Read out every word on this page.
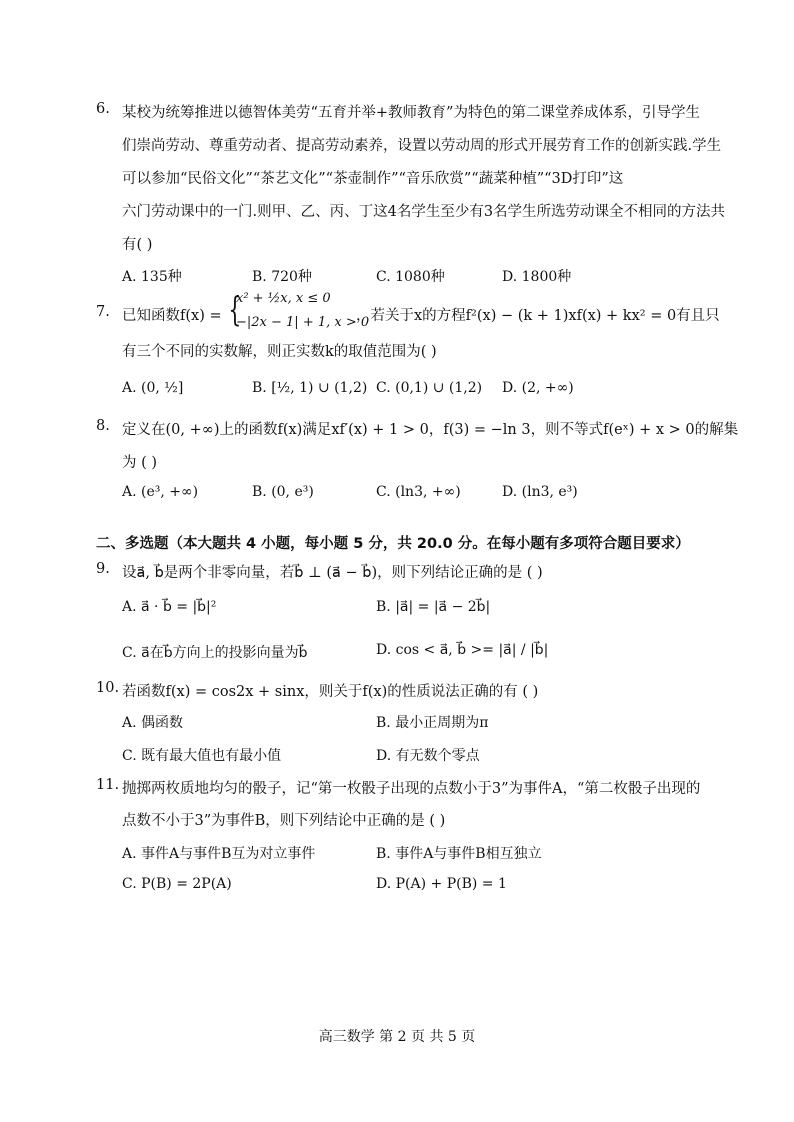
6. 某校为统筹推进以德智体美劳“五育并举+教师教育”为特色的第二课堂养成体系，引导学生
们崇尚劳动、尊重劳动者、提高劳动素养，设置以劳动周的形式开展劳育工作的创新实践.学生
可以参加“民俗文化”“茶艺文化”“茶壶制作”“音乐欣赏”“蔬菜种植”“3D打印”这
六门劳动课中的一门.则甲、乙、丙、丁这4名学生至少有3名学生所选劳动课全不相同的方法共
有( )
A. 135种	B. 720种	C. 1080种	D. 1800种
7. 已知函数f(x) = {
x² + ½x, x ≤ 0
−|2x − 1| + 1, x > 0
，若关于x的方程f²(x) − (k + 1)xf(x) + kx² = 0有且只
有三个不同的实数解，则正实数k的取值范围为( )
A. (0, ½]	B. [½, 1) ∪ (1,2) C. (0,1) ∪ (1,2) D. (2, +∞)
8. 定义在(0, +∞)上的函数f(x)满足xf′(x) + 1 > 0，f(3) = −ln 3，则不等式f(eˣ) + x > 0的解集
为 ( )
A. (e³, +∞)	B. (0, e³)	C. (ln3, +∞)	D. (ln3, e³)
二、多选题（本大题共 4 小题，每小题 5 分，共 20.0 分。在每小题有多项符合题目要求）
9. 设a⃗, b⃗是两个非零向量，若b⃗ ⊥ (a⃗ − b⃗)，则下列结论正确的是 ( )
A. a⃗ · b⃗ = |b⃗|²	B. |a⃗| = |a⃗ − 2b⃗|
C. a⃗在b⃗方向上的投影向量为b⃗	D. cos < a⃗, b⃗ >= |a⃗| / |b⃗|
10. 若函数f(x) = cos2x + sinx，则关于f(x)的性质说法正确的有 ( )
A. 偶函数	B. 最小正周期为π
C. 既有最大值也有最小值	D. 有无数个零点
11. 抛掷两枚质地均匀的骰子，记“第一枚骰子出现的点数小于3”为事件A，“第二枚骰子出现的
点数不小于3”为事件B，则下列结论中正确的是 ( )
A. 事件A与事件B互为对立事件	B. 事件A与事件B相互独立
C. P(B) = 2P(A)	D. P(A) + P(B) = 1
高三数学 第 2 页 共 5 页
